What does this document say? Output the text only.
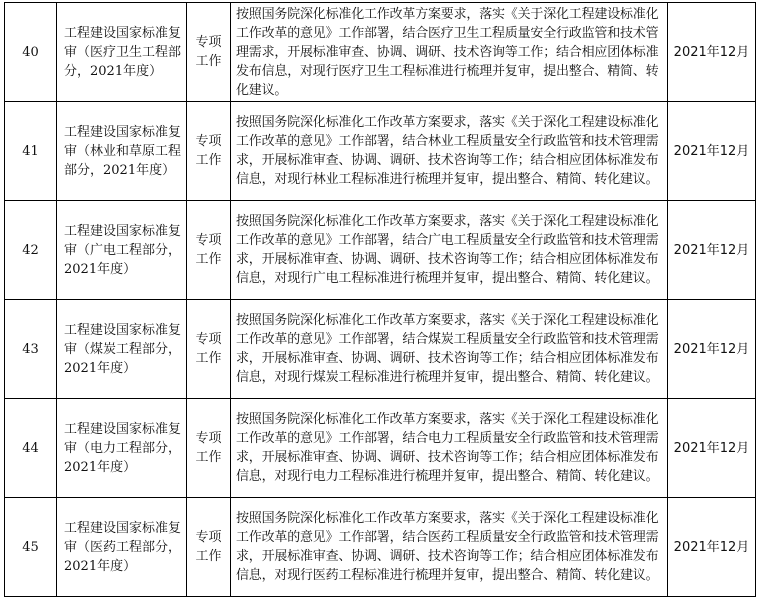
40	工程建设国家标准复审（医疗卫生工程部分，2021年度）	专项工作	按照国务院深化标准化工作改革方案要求，落实《关于深化工程建设标准化工作改革的意见》工作部署，结合医疗卫生工程质量安全行政监管和技术管理需求，开展标准审查、协调、调研、技术咨询等工作；结合相应团体标准发布信息，对现行医疗卫生工程标准进行梳理并复审，提出整合、精简、转化建议。	2021年12月
41	工程建设国家标准复审（林业和草原工程部分，2021年度）	专项工作	按照国务院深化标准化工作改革方案要求，落实《关于深化工程建设标准化工作改革的意见》工作部署，结合林业工程质量安全行政监管和技术管理需求，开展标准审查、协调、调研、技术咨询等工作；结合相应团体标准发布信息，对现行林业工程标准进行梳理并复审，提出整合、精简、转化建议。	2021年12月
42	工程建设国家标准复审（广电工程部分，2021年度）	专项工作	按照国务院深化标准化工作改革方案要求，落实《关于深化工程建设标准化工作改革的意见》工作部署，结合广电工程质量安全行政监管和技术管理需求，开展标准审查、协调、调研、技术咨询等工作；结合相应团体标准发布信息，对现行广电工程标准进行梳理并复审，提出整合、精简、转化建议。	2021年12月
43	工程建设国家标准复审（煤炭工程部分，2021年度）	专项工作	按照国务院深化标准化工作改革方案要求，落实《关于深化工程建设标准化工作改革的意见》工作部署，结合煤炭工程质量安全行政监管和技术管理需求，开展标准审查、协调、调研、技术咨询等工作；结合相应团体标准发布信息，对现行煤炭工程标准进行梳理并复审，提出整合、精简、转化建议。	2021年12月
44	工程建设国家标准复审（电力工程部分，2021年度）	专项工作	按照国务院深化标准化工作改革方案要求，落实《关于深化工程建设标准化工作改革的意见》工作部署，结合电力工程质量安全行政监管和技术管理需求，开展标准审查、协调、调研、技术咨询等工作；结合相应团体标准发布信息，对现行电力工程标准进行梳理并复审，提出整合、精简、转化建议。	2021年12月
45	工程建设国家标准复审（医药工程部分，2021年度）	专项工作	按照国务院深化标准化工作改革方案要求，落实《关于深化工程建设标准化工作改革的意见》工作部署，结合医药工程质量安全行政监管和技术管理需求，开展标准审查、协调、调研、技术咨询等工作；结合相应团体标准发布信息，对现行医药工程标准进行梳理并复审，提出整合、精简、转化建议。	2021年12月
